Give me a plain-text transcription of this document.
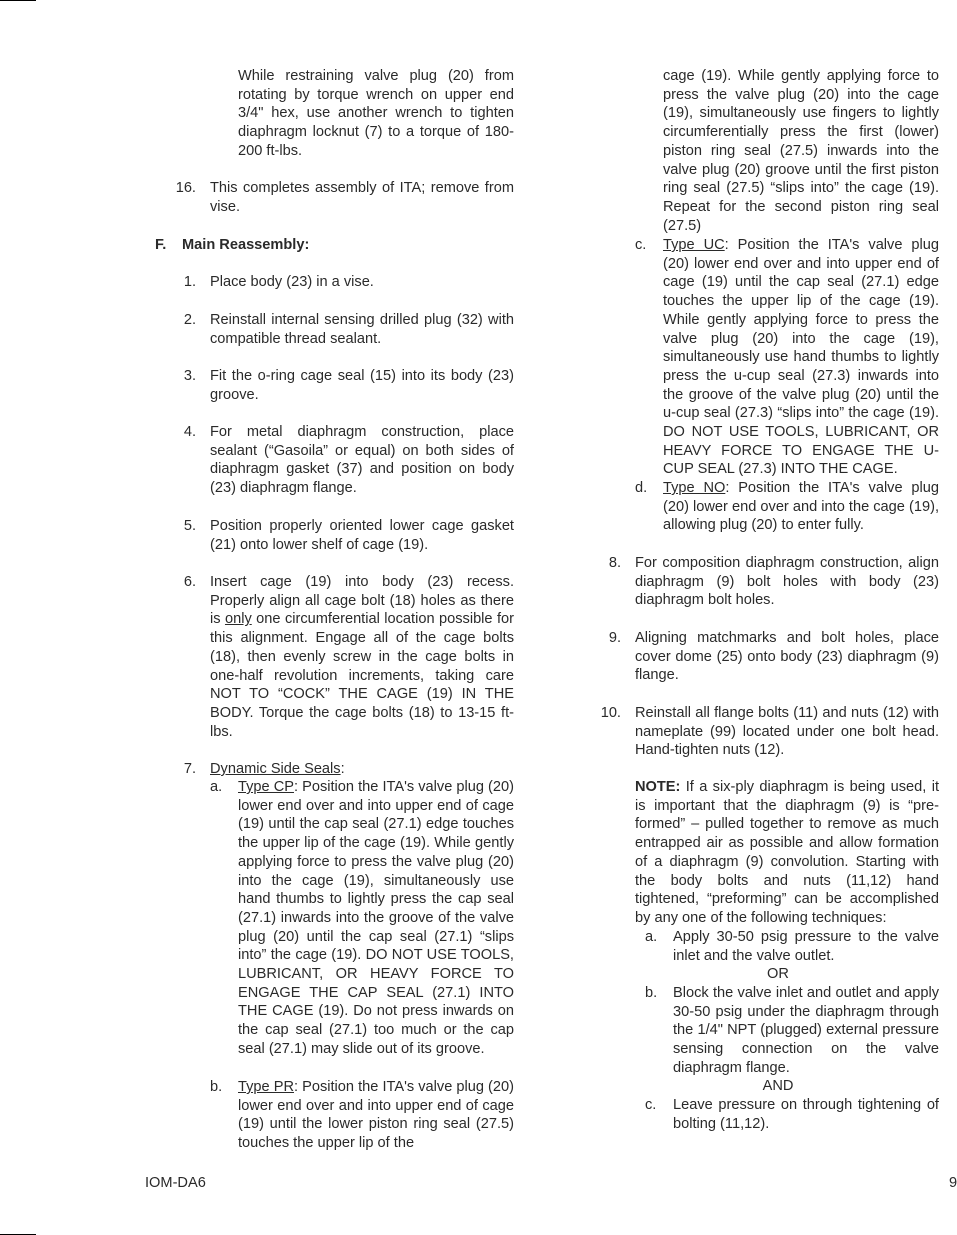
While restraining valve plug (20) from rotating by torque wrench on upper end 3/4" hex, use another wrench to tighten diaphragm locknut (7) to a torque of 180-200 ft-lbs.

16. This completes assembly of ITA; remove from vise.

F. Main Reassembly:
1. Place body (23) in a vise.

2. Reinstall internal sensing drilled plug (32) with compatible thread sealant.

3. Fit the o-ring cage seal (15) into its body (23) groove.

4. For metal diaphragm construction, place sealant (“Gasoila” or equal) on both sides of diaphragm gasket (37) and position on body (23) diaphragm flange.

5. Position properly oriented lower cage gasket (21) onto lower shelf of cage (19).

6. Insert cage (19) into body (23) recess. Properly align all cage bolt (18) holes as there is only one circumferential location possible for this alignment. Engage all of the cage bolts (18), then evenly screw in the cage bolts in one-half revolution increments, taking care NOT TO “COCK” THE CAGE (19) IN THE BODY. Torque the cage bolts (18) to 13-15 ft-lbs.

7. Dynamic Side Seals:
a. Type CP: Position the ITA's valve plug (20) lower end over and into upper end of cage (19) until the cap seal (27.1) edge touches the upper lip of the cage (19). While gently applying force to press the valve plug (20) into the cage (19), simultaneously use hand thumbs to lightly press the cap seal (27.1) inwards into the groove of the valve plug (20) until the cap seal (27.1) “slips into” the cage (19). DO NOT USE TOOLS, LUBRICANT, OR HEAVY FORCE TO ENGAGE THE CAP SEAL (27.1) INTO THE CAGE (19). Do not press inwards on the cap seal (27.1) too much or the cap seal (27.1) may slide out of its groove.

b. Type PR: Position the ITA's valve plug (20) lower end over and into upper end of cage (19) until the lower piston ring seal (27.5) touches the upper lip of the

cage (19). While gently applying force to press the valve plug (20) into the cage (19), simultaneously use fingers to lightly circumferentially press the first (lower) piston ring seal (27.5) inwards into the valve plug (20) groove until the first piston ring seal (27.5) “slips into” the cage (19). Repeat for the second piston ring seal (27.5)

c. Type UC: Position the ITA's valve plug (20) lower end over and into upper end of cage (19) until the cap seal (27.1) edge touches the upper lip of the cage (19). While gently applying force to press the valve plug (20) into the cage (19), simultaneously use hand thumbs to lightly press the u-cup seal (27.3) inwards into the groove of the valve plug (20) until the u-cup seal (27.3) “slips into” the cage (19). DO NOT USE TOOLS, LUBRICANT, OR HEAVY FORCE TO ENGAGE THE U-CUP SEAL (27.3) INTO THE CAGE.

d. Type NO: Position the ITA's valve plug (20) lower end over and into the cage (19), allowing plug (20) to enter fully.

8. For composition diaphragm construction, align diaphragm (9) bolt holes with body (23) diaphragm bolt holes.

9. Aligning matchmarks and bolt holes, place cover dome (25) onto body (23) diaphragm (9) flange.

10. Reinstall all flange bolts (11) and nuts (12) with nameplate (99) located under one bolt head. Hand-tighten nuts (12).

NOTE: If a six-ply diaphragm is being used, it is important that the diaphragm (9) is “pre-formed” – pulled together to remove as much entrapped air as possible and allow formation of a diaphragm (9) convolution. Starting with the body bolts and nuts (11,12) hand tightened, “preforming” can be accomplished by any one of the following techniques:

a. Apply 30-50 psig pressure to the valve inlet and the valve outlet.

OR
b. Block the valve inlet and outlet and apply 30-50 psig under the diaphragm through the 1/4" NPT (plugged) external pressure sensing connection on the valve diaphragm flange.

AND
c. Leave pressure on through tightening of bolting (11,12).

IOM-DA6	9
